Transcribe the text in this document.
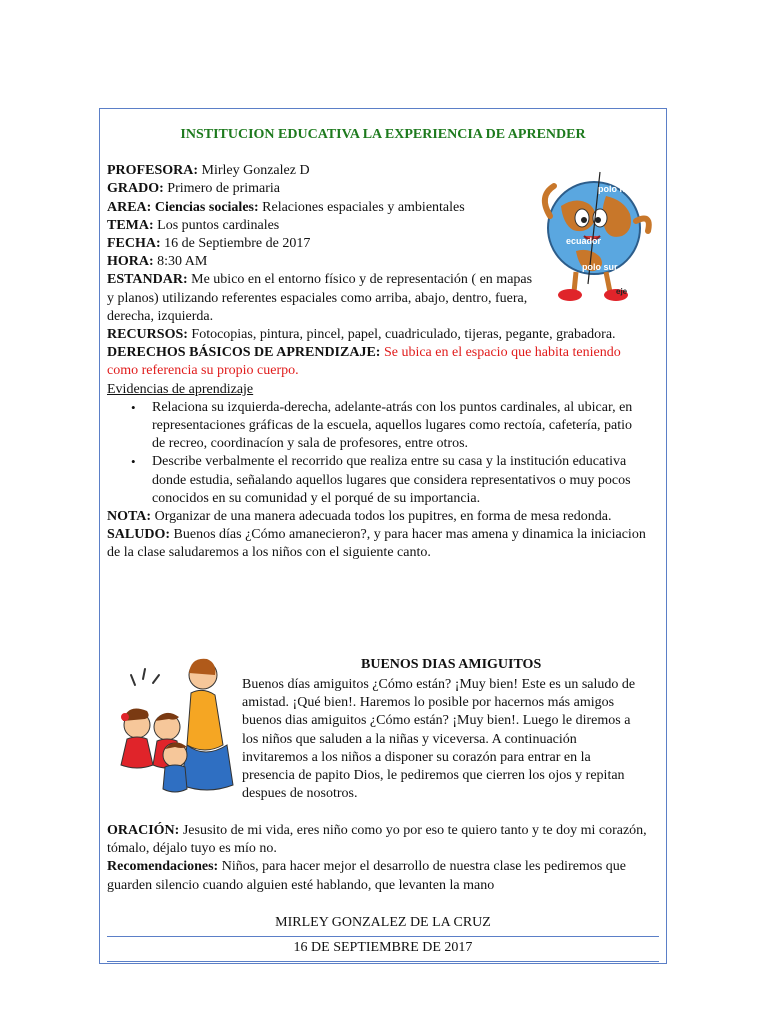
polo norte
ecuador
polo sur
eje
INSTITUCION EDUCATIVA LA EXPERIENCIA DE APRENDER
PROFESORA: Mirley Gonzalez D
GRADO: Primero de primaria
AREA: Ciencias sociales: Relaciones espaciales y ambientales
TEMA: Los puntos cardinales
FECHA: 16 de Septiembre de 2017
HORA: 8:30 AM
ESTANDAR: Me ubico en el entorno físico y de representación ( en mapas y planos) utilizando referentes espaciales como arriba, abajo, dentro, fuera, derecha, izquierda.
RECURSOS: Fotocopias, pintura, pincel, papel, cuadriculado, tijeras, pegante, grabadora.
DERECHOS BÁSICOS DE APRENDIZAJE: Se ubica en el espacio que habita teniendo como referencia su propio cuerpo.
Evidencias de aprendizaje
• Relaciona su izquierda-derecha, adelante-atrás con los puntos cardinales, al ubicar, en representaciones gráficas de la escuela, aquellos lugares como rectoía, cafetería, patio de recreo, coordinacíon y sala de profesores, entre otros.
• Describe verbalmente el recorrido que realiza entre su casa y la institución educativa donde estudia, señalando aquellos lugares que considera representativos o muy pocos conocidos en su comunidad y el porqué de su importancia.
NOTA: Organizar de una manera adecuada todos los pupitres, en forma de mesa redonda.
SALUDO: Buenos días ¿Cómo amanecieron?, y para hacer mas amena y dinamica la iniciacion de la clase saludaremos a los niños con el siguiente canto.
BUENOS DIAS AMIGUITOS
Buenos días amiguitos ¿Cómo están? ¡Muy bien! Este es un saludo de amistad. ¡Qué bien!. Haremos lo posible por hacernos más amigos buenos dias amiguitos ¿Cómo están? ¡Muy bien!. Luego le diremos a los niños que saluden a la niñas y viceversa. A continuación invitaremos a los niños a disponer su corazón para entrar en la presencia de papito Dios, le pediremos que cierren los ojos y repitan despues de nosotros.
ORACIÓN: Jesusito de mi vida, eres niño como yo por eso te quiero tanto y te doy mi corazón, tómalo, déjalo tuyo es mío no.
Recomendaciones: Niños, para hacer mejor el desarrollo de nuestra clase les pediremos que guarden silencio cuando alguien esté hablando, que levanten la mano
MIRLEY GONZALEZ DE LA CRUZ
16 DE SEPTIEMBRE DE 2017
